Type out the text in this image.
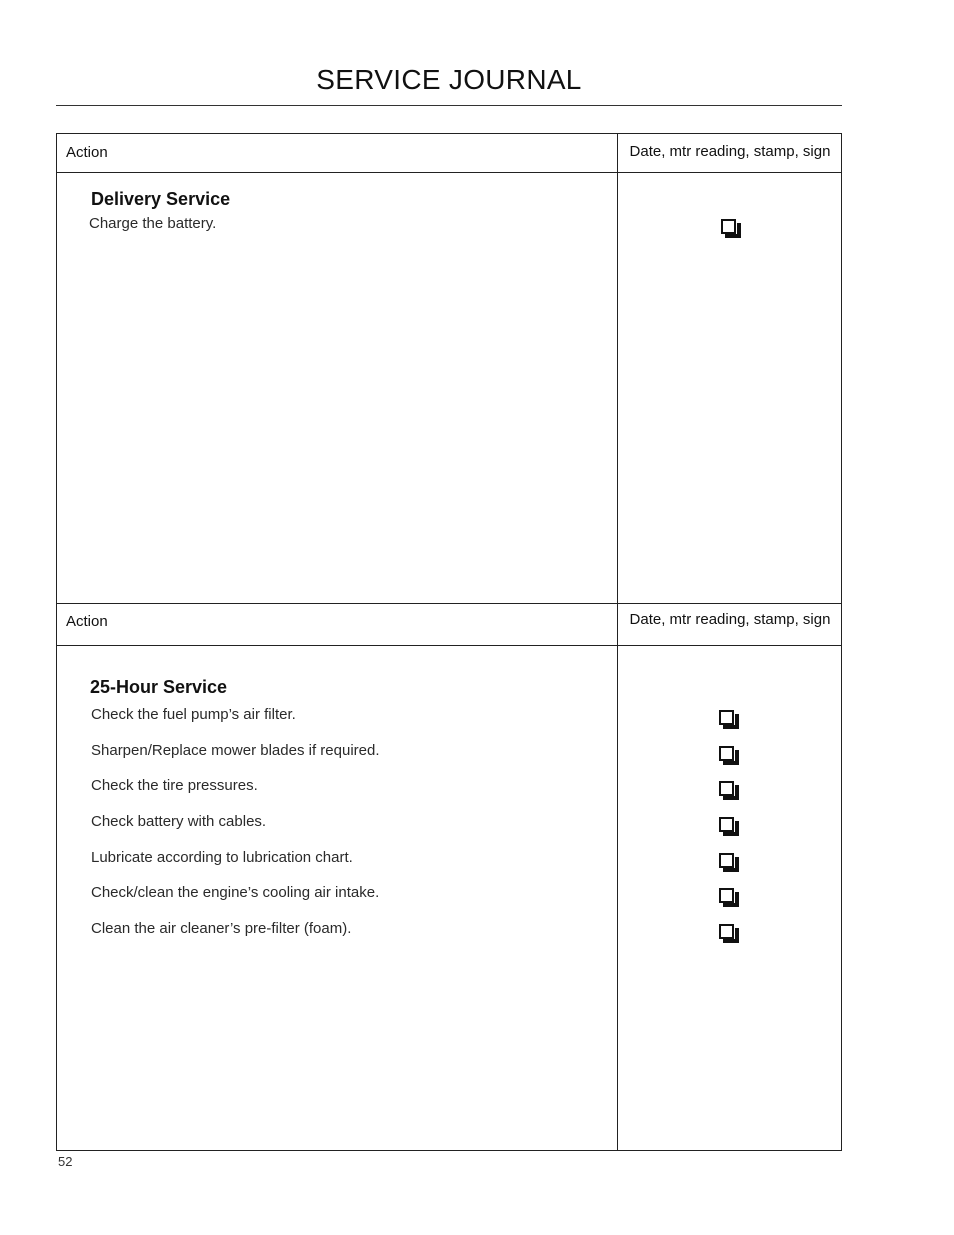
SERVICE JOURNAL
Action	Date, mtr reading, stamp, sign
Delivery Service
Charge the battery.
Action	Date, mtr reading, stamp, sign
25-Hour Service
Check the fuel pump’s air filter.
Sharpen/Replace mower blades if required.
Check the tire pressures.
Check battery with cables.
Lubricate according to lubrication chart.
Check/clean the engine’s cooling air intake.
Clean the air cleaner’s pre-filter (foam).
52
